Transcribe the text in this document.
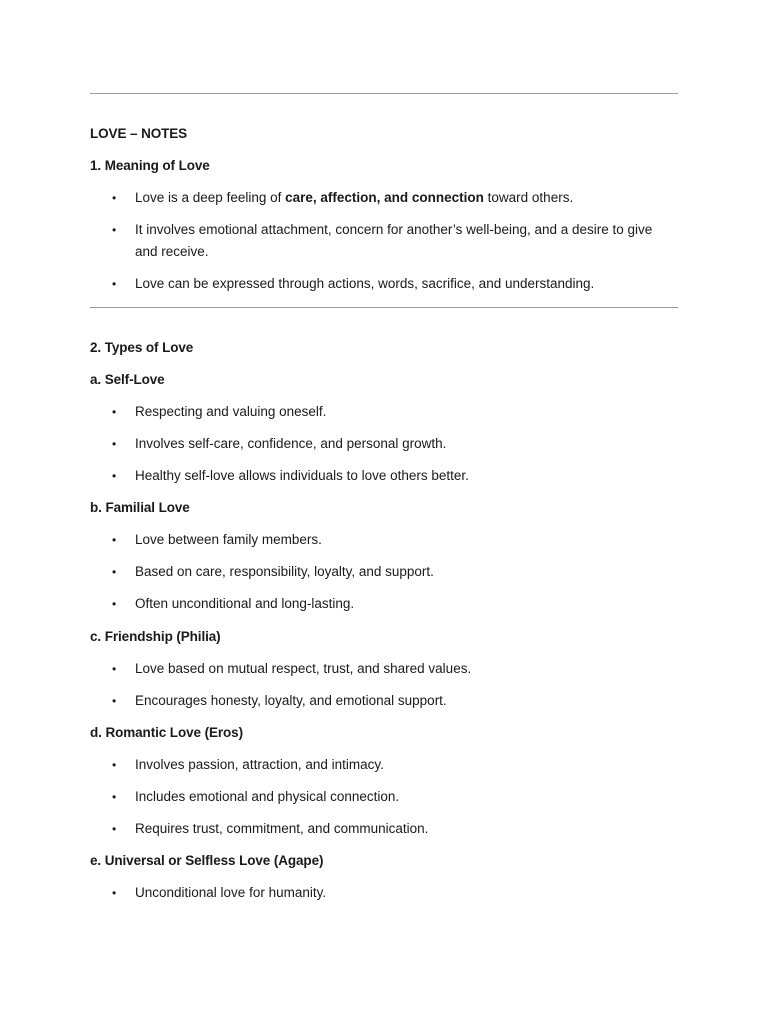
LOVE – NOTES

1. Meaning of Love

• Love is a deep feeling of care, affection, and connection toward others.
• It involves emotional attachment, concern for another’s well-being, and a desire to give and receive.
• Love can be expressed through actions, words, sacrifice, and understanding.

2. Types of Love

a. Self-Love

• Respecting and valuing oneself.
• Involves self-care, confidence, and personal growth.
• Healthy self-love allows individuals to love others better.

b. Familial Love

• Love between family members.
• Based on care, responsibility, loyalty, and support.
• Often unconditional and long-lasting.

c. Friendship (Philia)

• Love based on mutual respect, trust, and shared values.
• Encourages honesty, loyalty, and emotional support.

d. Romantic Love (Eros)

• Involves passion, attraction, and intimacy.
• Includes emotional and physical connection.
• Requires trust, commitment, and communication.

e. Universal or Selfless Love (Agape)

• Unconditional love for humanity.
